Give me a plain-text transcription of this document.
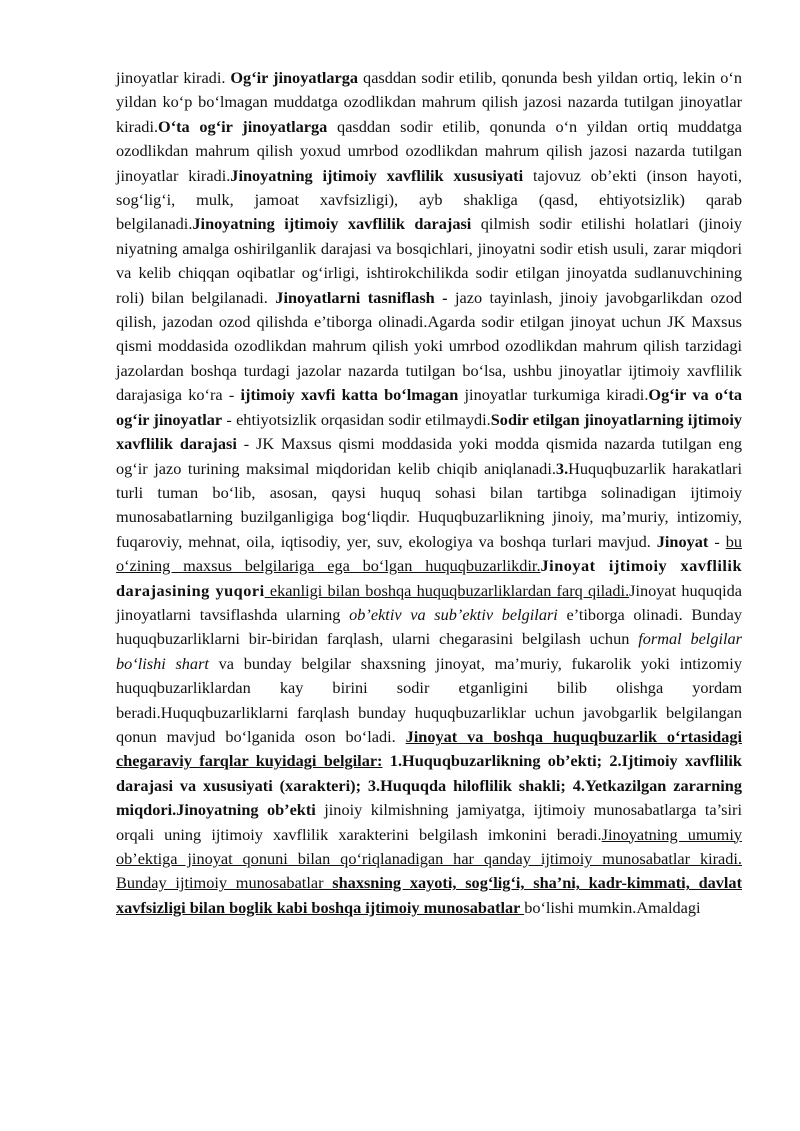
jinoyatlar kiradi. Og‘ir jinoyatlarga qasddan sodir etilib, qonunda besh yildan ortiq, lekin o‘n yildan ko‘p bo‘lmagan muddatga ozodlikdan mahrum qilish jazosi nazarda tutilgan jinoyatlar kiradi.O‘ta og‘ir jinoyatlarga qasddan sodir etilib, qonunda o‘n yildan ortiq muddatga ozodlikdan mahrum qilish yoxud umrbod ozodlikdan mahrum qilish jazosi nazarda tutilgan jinoyatlar kiradi.Jinoyatning ijtimoiy xavflilik xususiyati tajovuz ob’ekti (inson hayoti, sog‘lig‘i, mulk, jamoat xavfsizligi), ayb shakliga (qasd, ehtiyotsizlik) qarab belgilanadi.Jinoyatning ijtimoiy xavflilik darajasi qilmish sodir etilishi holatlari (jinoiy niyatning amalga oshirilganlik darajasi va bosqichlari, jinoyatni sodir etish usuli, zarar miqdori va kelib chiqqan oqibatlar og‘irligi, ishtirokchilikda sodir etilgan jinoyatda sudlanuvchining roli) bilan belgilanadi. Jinoyatlarni tasniflash - jazo tayinlash, jinoiy javobgarlikdan ozod qilish, jazodan ozod qilishda e’tiborga olinadi.Agarda sodir etilgan jinoyat uchun JK Maxsus qismi moddasida ozodlikdan mahrum qilish yoki umrbod ozodlikdan mahrum qilish tarzidagi jazolardan boshqa turdagi jazolar nazarda tutilgan bo‘lsa, ushbu jinoyatlar ijtimoiy xavflilik darajasiga ko‘ra - ijtimoiy xavfi katta bo‘lmagan jinoyatlar turkumiga kiradi.Og‘ir va o‘ta og‘ir jinoyatlar - ehtiyotsizlik orqasidan sodir etilmaydi.Sodir etilgan jinoyatlarning ijtimoiy xavflilik darajasi - JK Maxsus qismi moddasida yoki modda qismida nazarda tutilgan eng og‘ir jazo turining maksimal miqdoridan kelib chiqib aniqlanadi.3.Huquqbuzarlik harakatlari turli tuman bo‘lib, asosan, qaysi huquq sohasi bilan tartibga solinadigan ijtimoiy munosabatlarning buzilganligiga bog‘liqdir. Huquqbuzarlikning jinoiy, ma’muriy, intizomiy, fuqaroviy, mehnat, oila, iqtisodiy, yer, suv, ekologiya va boshqa turlari mavjud. Jinoyat - bu o‘zining maxsus belgilariga ega bo‘lgan huquqbuzarlikdir.Jinoyat ijtimoiy xavflilik darajasining yuqori ekanligi bilan boshqa huquqbuzarliklardan farq qiladi.Jinoyat huquqida jinoyatlarni tavsiflashda ularning ob’ektiv va sub’ektiv belgilari e’tiborga olinadi. Bunday huquqbuzarliklarni bir-biridan farqlash, ularni chegarasini belgilash uchun formal belgilar bo‘lishi shart va bunday belgilar shaxsning jinoyat, ma’muriy, fukarolik yoki intizomiy huquqbuzarliklardan kay birini sodir etganligini bilib olishga yordam beradi.Huquqbuzarliklarni farqlash bunday huquqbuzarliklar uchun javobgarlik belgilangan qonun mavjud bo‘lganida oson bo‘ladi. Jinoyat va boshqa huquqbuzarlik o‘rtasidagi chegaraviy farqlar kuyidagi belgilar: 1.Huquqbuzarlikning ob’ekti; 2.Ijtimoiy xavflilik darajasi va xususiyati (xarakteri); 3.Huquqda hiloflilik shakli; 4.Yetkazilgan zararning miqdori.Jinoyatning ob’ekti jinoiy kilmishning jamiyatga, ijtimoiy munosabatlarga ta’siri orqali uning ijtimoiy xavflilik xarakterini belgilash imkonini beradi.Jinoyatning umumiy ob’ektiga jinoyat qonuni bilan qo‘riqlanadigan har qanday ijtimoiy munosabatlar kiradi. Bunday ijtimoiy munosabatlar shaxsning xayoti, sog‘lig‘i, sha’ni, kadr-kimmati, davlat xavfsizligi bilan boglik kabi boshqa ijtimoiy munosabatlar bo‘lishi mumkin.Amaldagi
